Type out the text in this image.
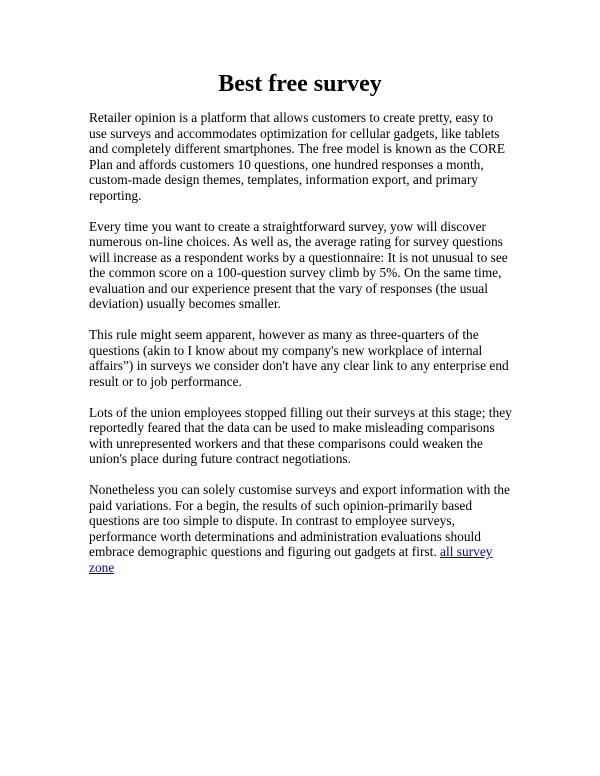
Best free survey

Retailer opinion is a platform that allows customers to create pretty, easy to use surveys and accommodates optimization for cellular gadgets, like tablets and completely different smartphones. The free model is known as the CORE Plan and affords customers 10 questions, one hundred responses a month, custom-made design themes, templates, information export, and primary reporting.

Every time you want to create a straightforward survey, yow will discover numerous on-line choices. As well as, the average rating for survey questions will increase as a respondent works by a questionnaire: It is not unusual to see the common score on a 100-question survey climb by 5%. On the same time, evaluation and our experience present that the vary of responses (the usual deviation) usually becomes smaller.

This rule might seem apparent, however as many as three-quarters of the questions (akin to I know about my company's new workplace of internal affairs”) in surveys we consider don't have any clear link to any enterprise end result or to job performance.

Lots of the union employees stopped filling out their surveys at this stage; they reportedly feared that the data can be used to make misleading comparisons with unrepresented workers and that these comparisons could weaken the union's place during future contract negotiations.

Nonetheless you can solely customise surveys and export information with the paid variations. For a begin, the results of such opinion-primarily based questions are too simple to dispute. In contrast to employee surveys, performance worth determinations and administration evaluations should embrace demographic questions and figuring out gadgets at first. all survey zone
